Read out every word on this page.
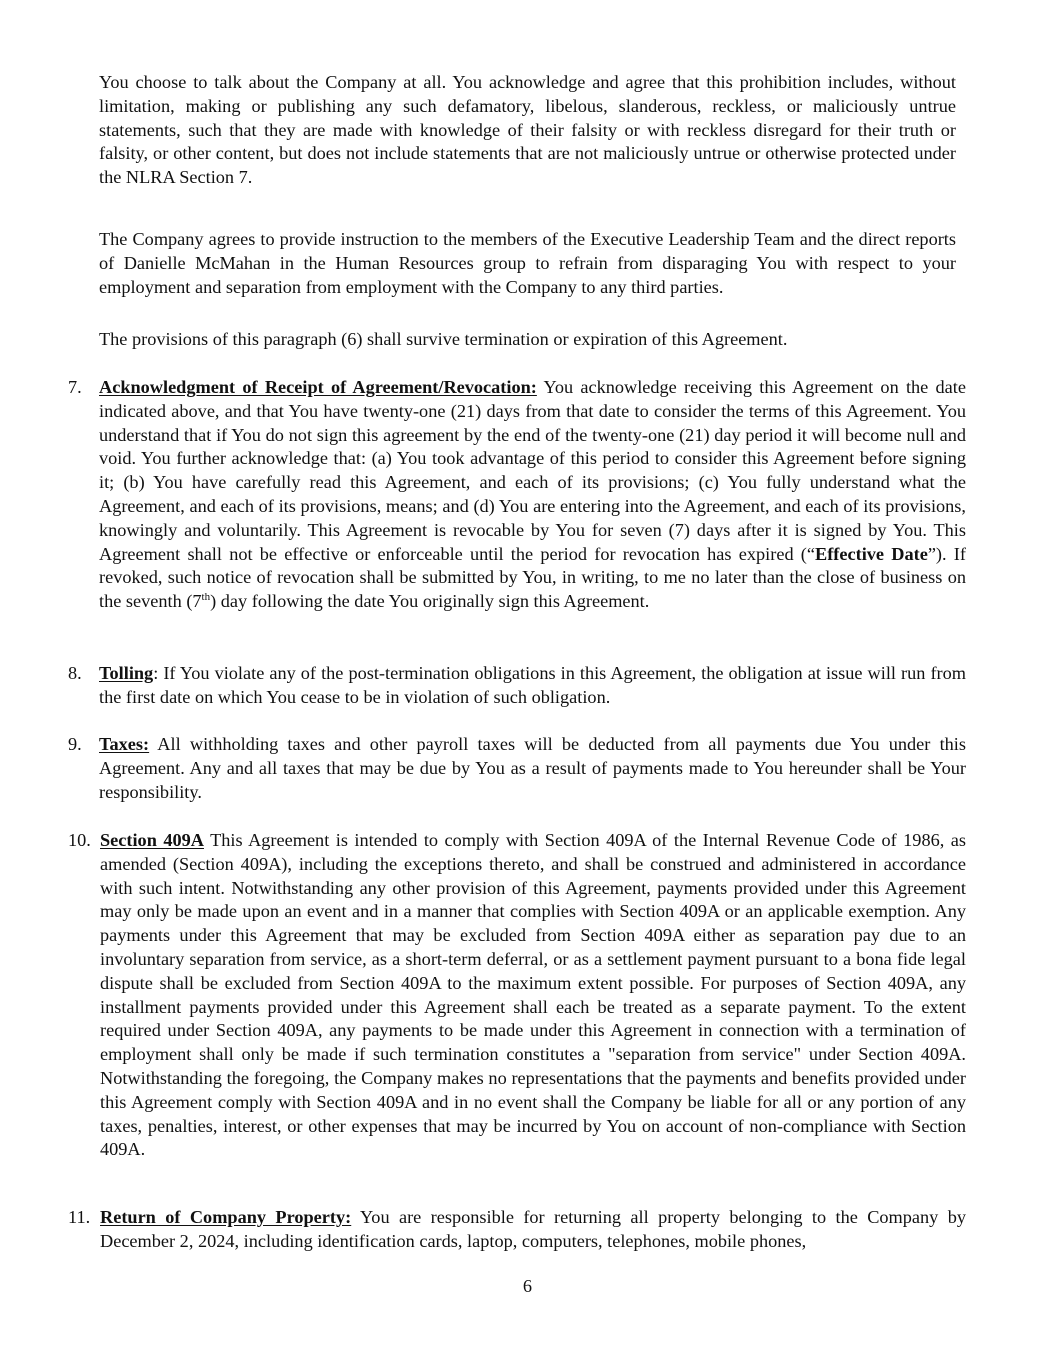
You choose to talk about the Company at all. You acknowledge and agree that this prohibition includes, without limitation, making or publishing any such defamatory, libelous, slanderous, reckless, or maliciously untrue statements, such that they are made with knowledge of their falsity or with reckless disregard for their truth or falsity, or other content, but does not include statements that are not maliciously untrue or otherwise protected under the NLRA Section 7.

The Company agrees to provide instruction to the members of the Executive Leadership Team and the direct reports of Danielle McMahan in the Human Resources group to refrain from disparaging You with respect to your employment and separation from employment with the Company to any third parties.

The provisions of this paragraph (6) shall survive termination or expiration of this Agreement.

7. Acknowledgment of Receipt of Agreement/Revocation: You acknowledge receiving this Agreement on the date indicated above, and that You have twenty-one (21) days from that date to consider the terms of this Agreement. You understand that if You do not sign this agreement by the end of the twenty-one (21) day period it will become null and void. You further acknowledge that: (a) You took advantage of this period to consider this Agreement before signing it; (b) You have carefully read this Agreement, and each of its provisions; (c) You fully understand what the Agreement, and each of its provisions, means; and (d) You are entering into the Agreement, and each of its provisions, knowingly and voluntarily. This Agreement is revocable by You for seven (7) days after it is signed by You. This Agreement shall not be effective or enforceable until the period for revocation has expired (“Effective Date”). If revoked, such notice of revocation shall be submitted by You, in writing, to me no later than the close of business on the seventh (7th) day following the date You originally sign this Agreement.
8. Tolling: If You violate any of the post-termination obligations in this Agreement, the obligation at issue will run from the first date on which You cease to be in violation of such obligation.
9. Taxes: All withholding taxes and other payroll taxes will be deducted from all payments due You under this Agreement. Any and all taxes that may be due by You as a result of payments made to You hereunder shall be Your responsibility.
10. Section 409A This Agreement is intended to comply with Section 409A of the Internal Revenue Code of 1986, as amended (Section 409A), including the exceptions thereto, and shall be construed and administered in accordance with such intent. Notwithstanding any other provision of this Agreement, payments provided under this Agreement may only be made upon an event and in a manner that complies with Section 409A or an applicable exemption. Any payments under this Agreement that may be excluded from Section 409A either as separation pay due to an involuntary separation from service, as a short-term deferral, or as a settlement payment pursuant to a bona fide legal dispute shall be excluded from Section 409A to the maximum extent possible. For purposes of Section 409A, any installment payments provided under this Agreement shall each be treated as a separate payment. To the extent required under Section 409A, any payments to be made under this Agreement in connection with a termination of employment shall only be made if such termination constitutes a "separation from service" under Section 409A. Notwithstanding the foregoing, the Company makes no representations that the payments and benefits provided under this Agreement comply with Section 409A and in no event shall the Company be liable for all or any portion of any taxes, penalties, interest, or other expenses that may be incurred by You on account of non-compliance with Section 409A.
11. Return of Company Property: You are responsible for returning all property belonging to the Company by December 2, 2024, including identification cards, laptop, computers, telephones, mobile phones,

6
